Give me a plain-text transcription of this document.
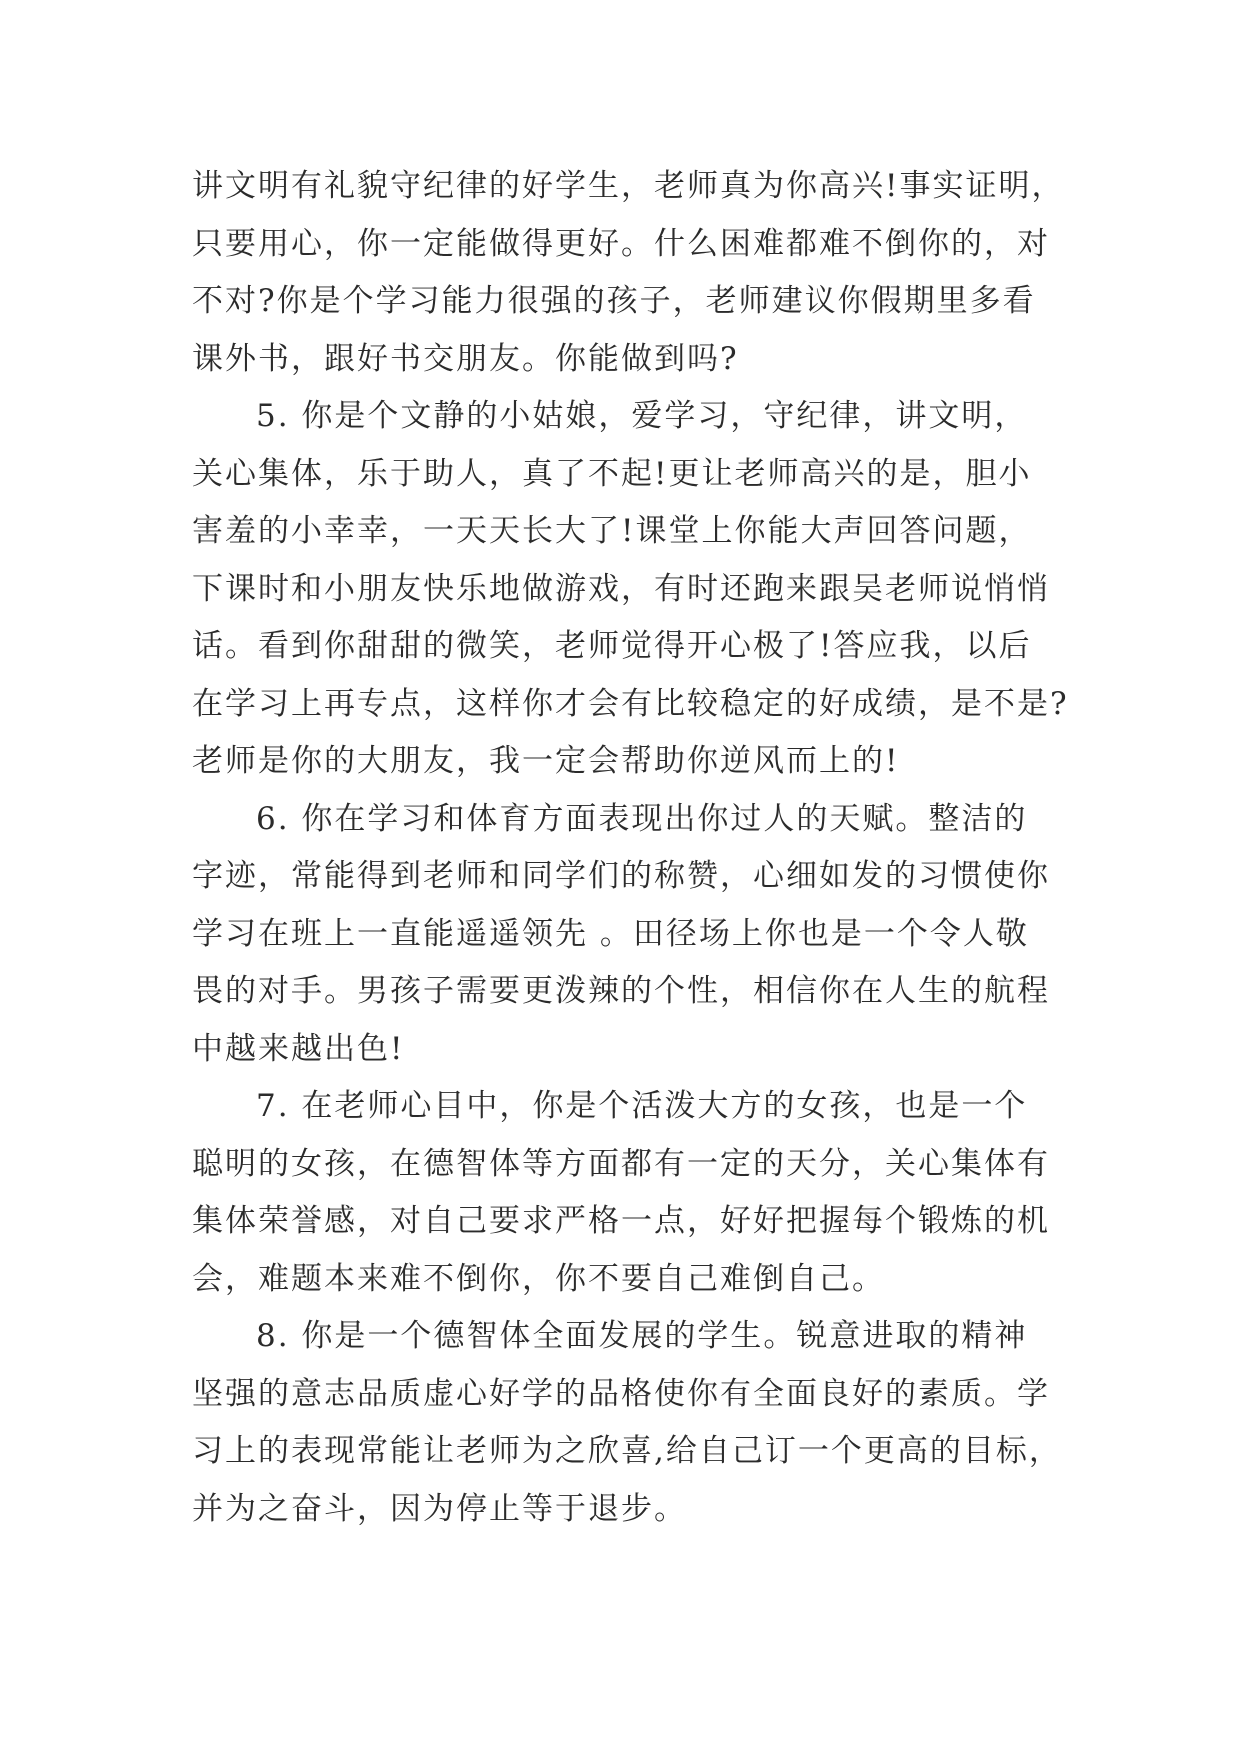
讲文明有礼貌守纪律的好学生，老师真为你高兴!事实证明，
只要用心，你一定能做得更好。什么困难都难不倒你的，对
不对?你是个学习能力很强的孩子，老师建议你假期里多看
课外书，跟好书交朋友。你能做到吗?
5. 你是个文静的小姑娘，爱学习，守纪律，讲文明，
关心集体，乐于助人，真了不起!更让老师高兴的是，胆小
害羞的小幸幸，一天天长大了!课堂上你能大声回答问题，
下课时和小朋友快乐地做游戏，有时还跑来跟吴老师说悄悄
话。看到你甜甜的微笑，老师觉得开心极了!答应我，以后
在学习上再专点，这样你才会有比较稳定的好成绩，是不是?
老师是你的大朋友，我一定会帮助你逆风而上的!
6. 你在学习和体育方面表现出你过人的天赋。整洁的
字迹，常能得到老师和同学们的称赞，心细如发的习惯使你
学习在班上一直能遥遥领先 。田径场上你也是一个令人敬
畏的对手。男孩子需要更泼辣的个性，相信你在人生的航程
中越来越出色!
7. 在老师心目中，你是个活泼大方的女孩，也是一个
聪明的女孩，在德智体等方面都有一定的天分，关心集体有
集体荣誉感，对自己要求严格一点，好好把握每个锻炼的机
会，难题本来难不倒你，你不要自己难倒自己。
8. 你是一个德智体全面发展的学生。锐意进取的精神
坚强的意志品质虚心好学的品格使你有全面良好的素质。学
习上的表现常能让老师为之欣喜,给自己订一个更高的目标，
并为之奋斗，因为停止等于退步。
